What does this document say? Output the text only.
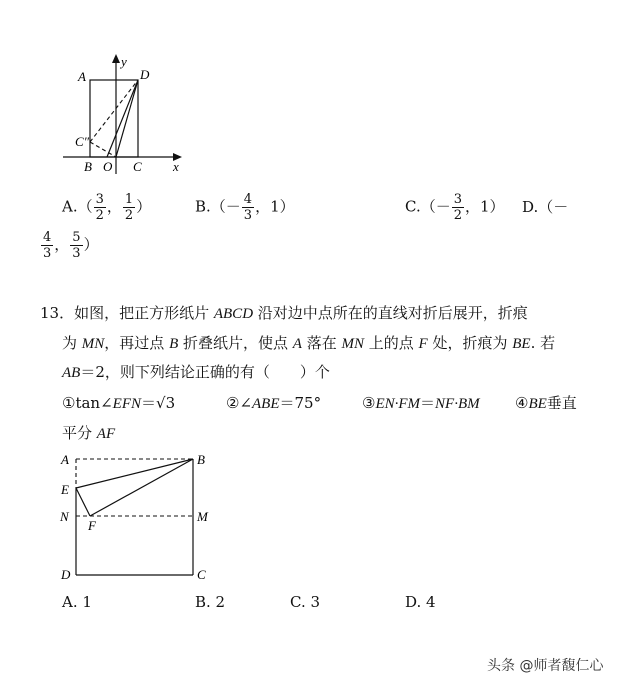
y
A	D
C″
B O C x
$A.( \frac{3}{2}$ ， $\frac{1}{2}$ ）	$B.(- \frac{4}{3}$ ，1）	$C.(- \frac{3}{2}$ ，1） D.（－
$\frac{4}{3}$ ， $\frac{5}{3}$ ）
13．如图，把正方形纸片 ABCD 沿对边中点所在的直线对折后展开，折痕
为 MN，再过点 B 折叠纸片，使点 A 落在 MN 上的点 F 处，折痕为 BE. 若
AB＝2，则下列结论正确的有（　　）个
①tan∠EFN＝√3	②∠ABE＝75°	③EN·FM＝NF·BM ④BE垂直
平分 AF
A	B
E
N
F
M
D	C
A. 1	B. 2	C. 3	D. 4
头条 @师者馥仁心
